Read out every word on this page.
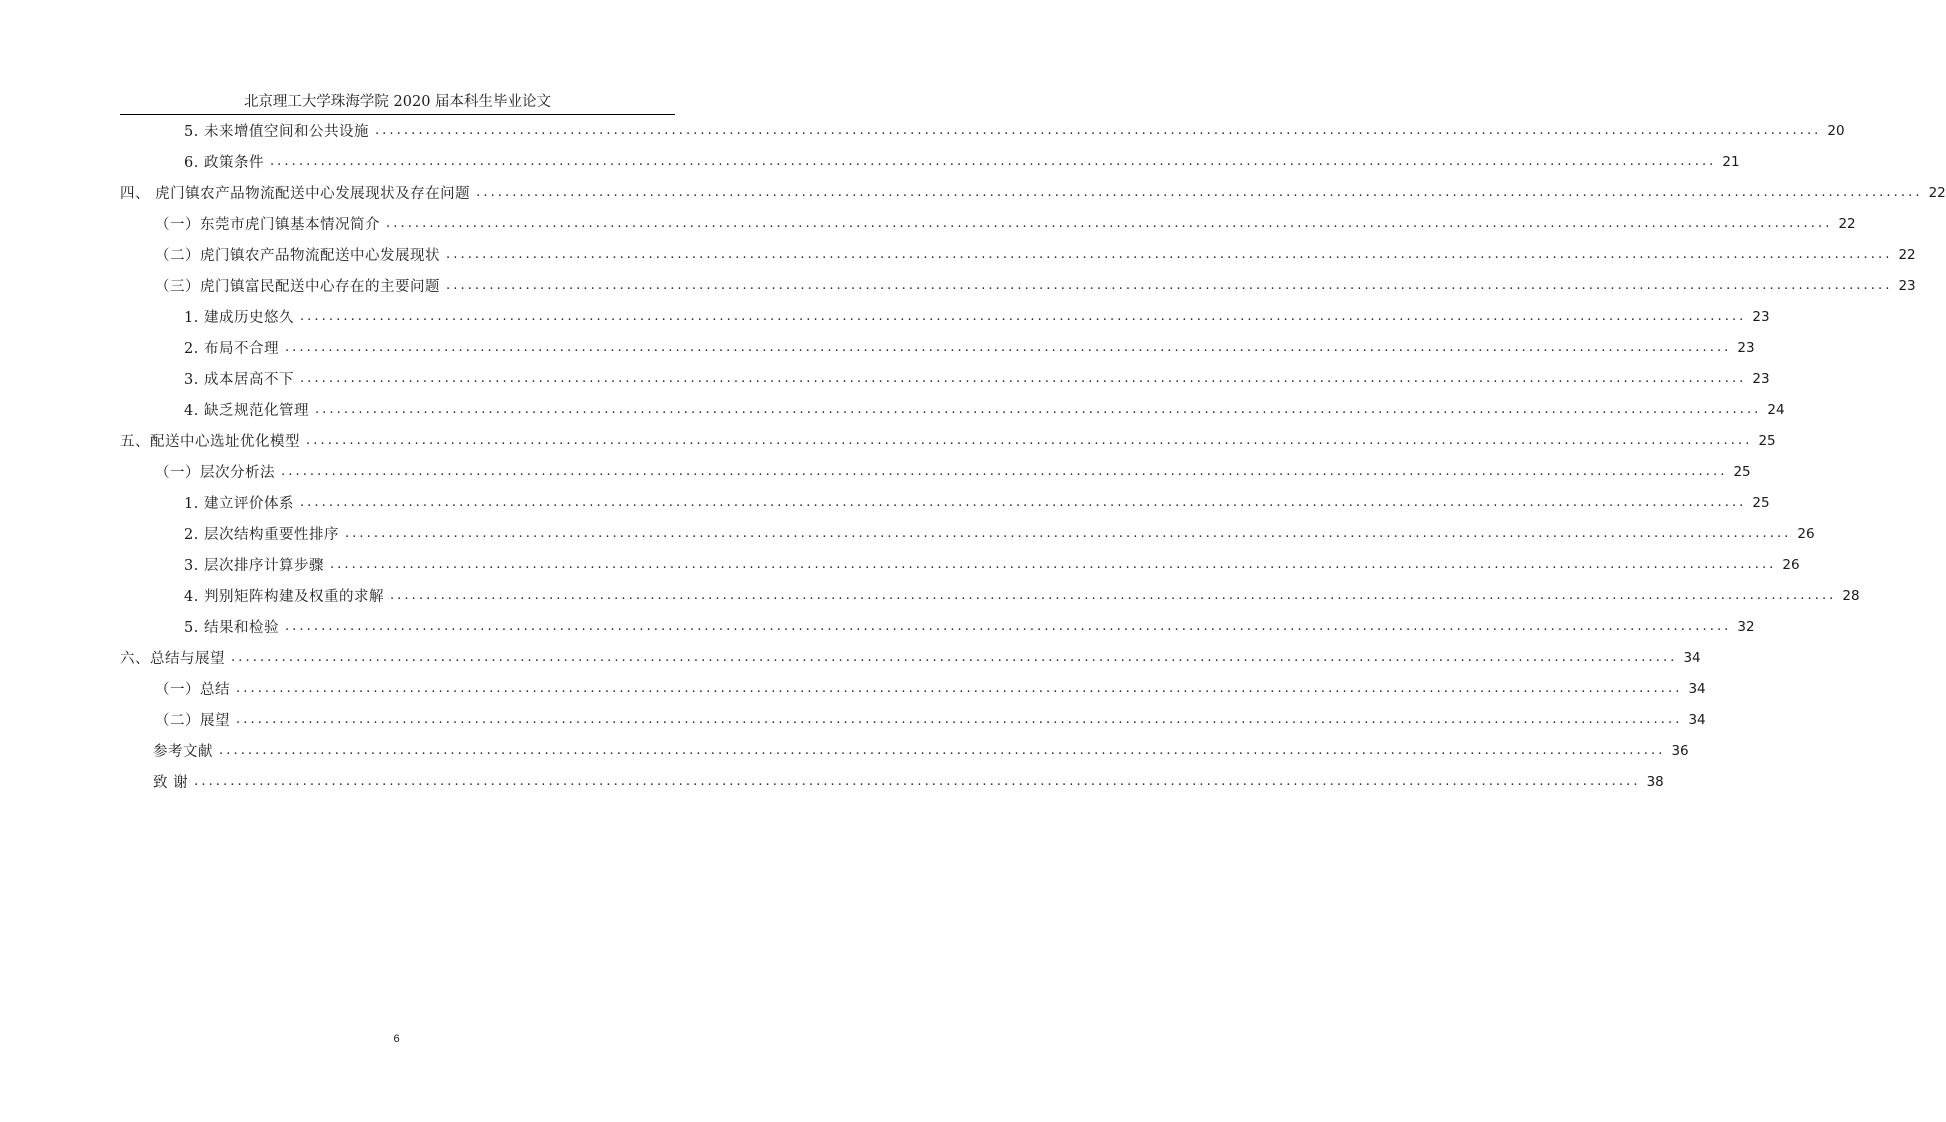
北京理工大学珠海学院 2020 届本科生毕业论文
5. 未来增值空间和公共设施 ........................................................................................................................................................................................................ 20
6. 政策条件 ........................................................................................................................................................................................................ 21
四、 虎门镇农产品物流配送中心发展现状及存在问题 ........................................................................................................................................................................................................ 22
（一）东莞市虎门镇基本情况简介 ........................................................................................................................................................................................................ 22
（二）虎门镇农产品物流配送中心发展现状 ........................................................................................................................................................................................................ 22
（三）虎门镇富民配送中心存在的主要问题 ........................................................................................................................................................................................................ 23
1. 建成历史悠久 ........................................................................................................................................................................................................ 23
2. 布局不合理 ........................................................................................................................................................................................................ 23
3. 成本居高不下 ........................................................................................................................................................................................................ 23
4. 缺乏规范化管理 ........................................................................................................................................................................................................ 24
五、配送中心选址优化模型 ........................................................................................................................................................................................................ 25
（一）层次分析法 ........................................................................................................................................................................................................ 25
1. 建立评价体系 ........................................................................................................................................................................................................ 25
2. 层次结构重要性排序 ........................................................................................................................................................................................................ 26
3. 层次排序计算步骤 ........................................................................................................................................................................................................ 26
4. 判别矩阵构建及权重的求解 ........................................................................................................................................................................................................ 28
5. 结果和检验 ........................................................................................................................................................................................................ 32
六、总结与展望 ........................................................................................................................................................................................................ 34
（一）总结 ........................................................................................................................................................................................................ 34
（二）展望 ........................................................................................................................................................................................................ 34
参考文献 ........................................................................................................................................................................................................ 36
致 谢 ........................................................................................................................................................................................................ 38
6
